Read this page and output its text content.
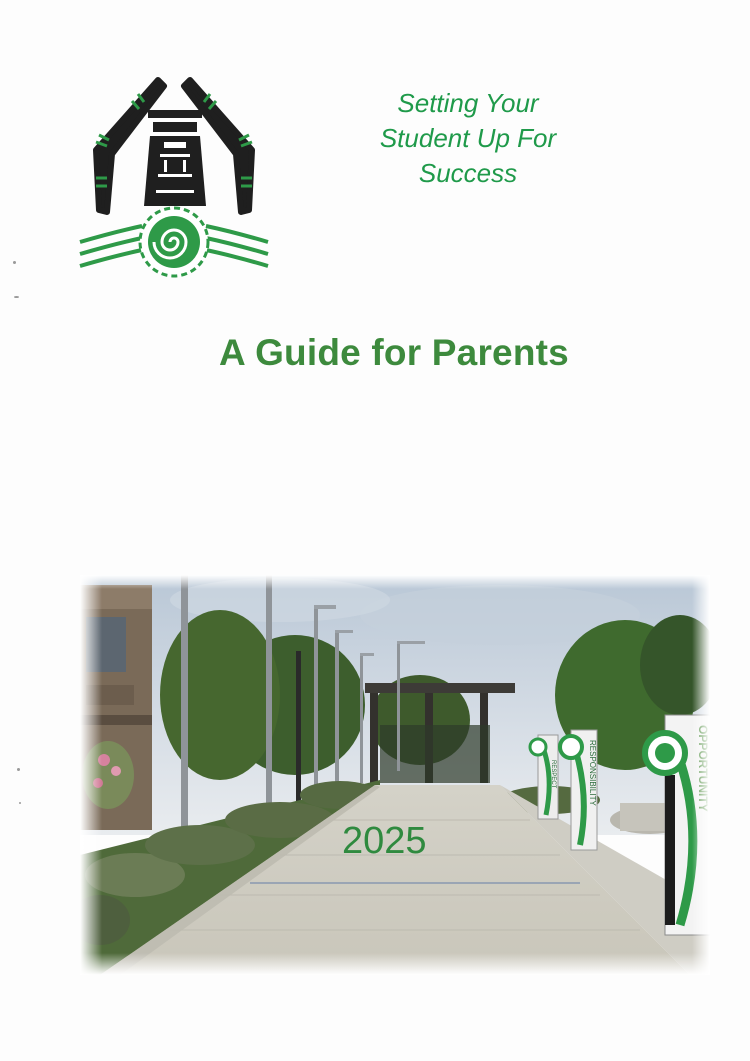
Setting Your
Student Up For
Success
A Guide for Parents
RESPECT	RESPONSIBILITY
2025
